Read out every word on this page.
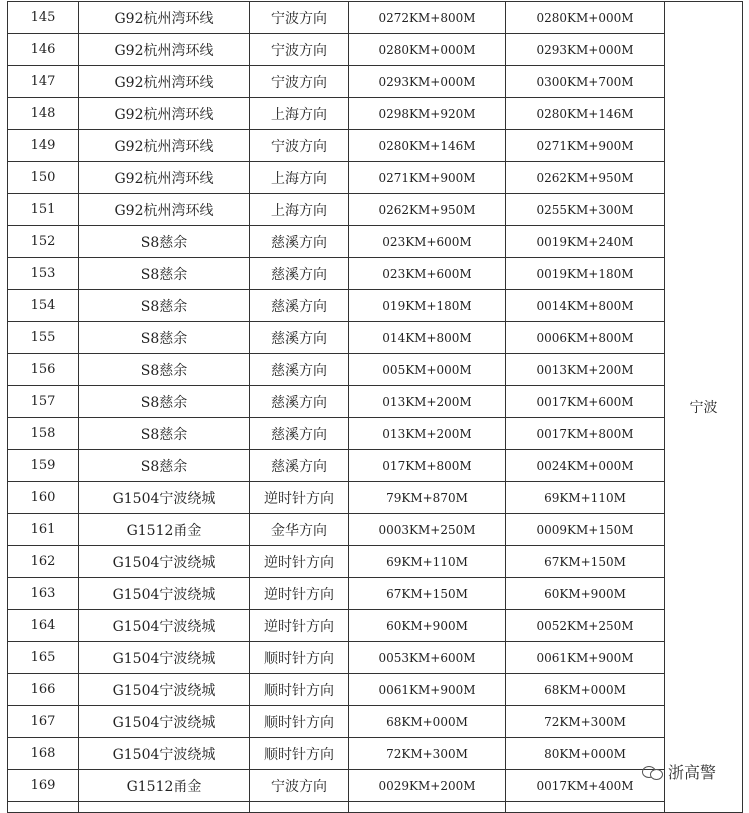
145	G92杭州湾环线	宁波方向	0272KM+800M	0280KM+000M	宁波
146	G92杭州湾环线	宁波方向	0280KM+000M	0293KM+000M	
147	G92杭州湾环线	宁波方向	0293KM+000M	0300KM+700M	
148	G92杭州湾环线	上海方向	0298KM+920M	0280KM+146M	
149	G92杭州湾环线	宁波方向	0280KM+146M	0271KM+900M	
150	G92杭州湾环线	上海方向	0271KM+900M	0262KM+950M	
151	G92杭州湾环线	上海方向	0262KM+950M	0255KM+300M	
152	S8慈余	慈溪方向	023KM+600M	0019KM+240M	
153	S8慈余	慈溪方向	023KM+600M	0019KM+180M	
154	S8慈余	慈溪方向	019KM+180M	0014KM+800M	
155	S8慈余	慈溪方向	014KM+800M	0006KM+800M	
156	S8慈余	慈溪方向	005KM+000M	0013KM+200M	
157	S8慈余	慈溪方向	013KM+200M	0017KM+600M	
158	S8慈余	慈溪方向	013KM+200M	0017KM+800M	
159	S8慈余	慈溪方向	017KM+800M	0024KM+000M	
160	G1504宁波绕城	逆时针方向	79KM+870M	69KM+110M	
161	G1512甬金	金华方向	0003KM+250M	0009KM+150M	
162	G1504宁波绕城	逆时针方向	69KM+110M	67KM+150M	
163	G1504宁波绕城	逆时针方向	67KM+150M	60KM+900M	
164	G1504宁波绕城	逆时针方向	60KM+900M	0052KM+250M	
165	G1504宁波绕城	顺时针方向	0053KM+600M	0061KM+900M	
166	G1504宁波绕城	顺时针方向	0061KM+900M	68KM+000M	
167	G1504宁波绕城	顺时针方向	68KM+000M	72KM+300M	
168	G1504宁波绕城	顺时针方向	72KM+300M	80KM+000M	
169	G1512甬金	宁波方向	0029KM+200M	0017KM+400M	

浙高警
